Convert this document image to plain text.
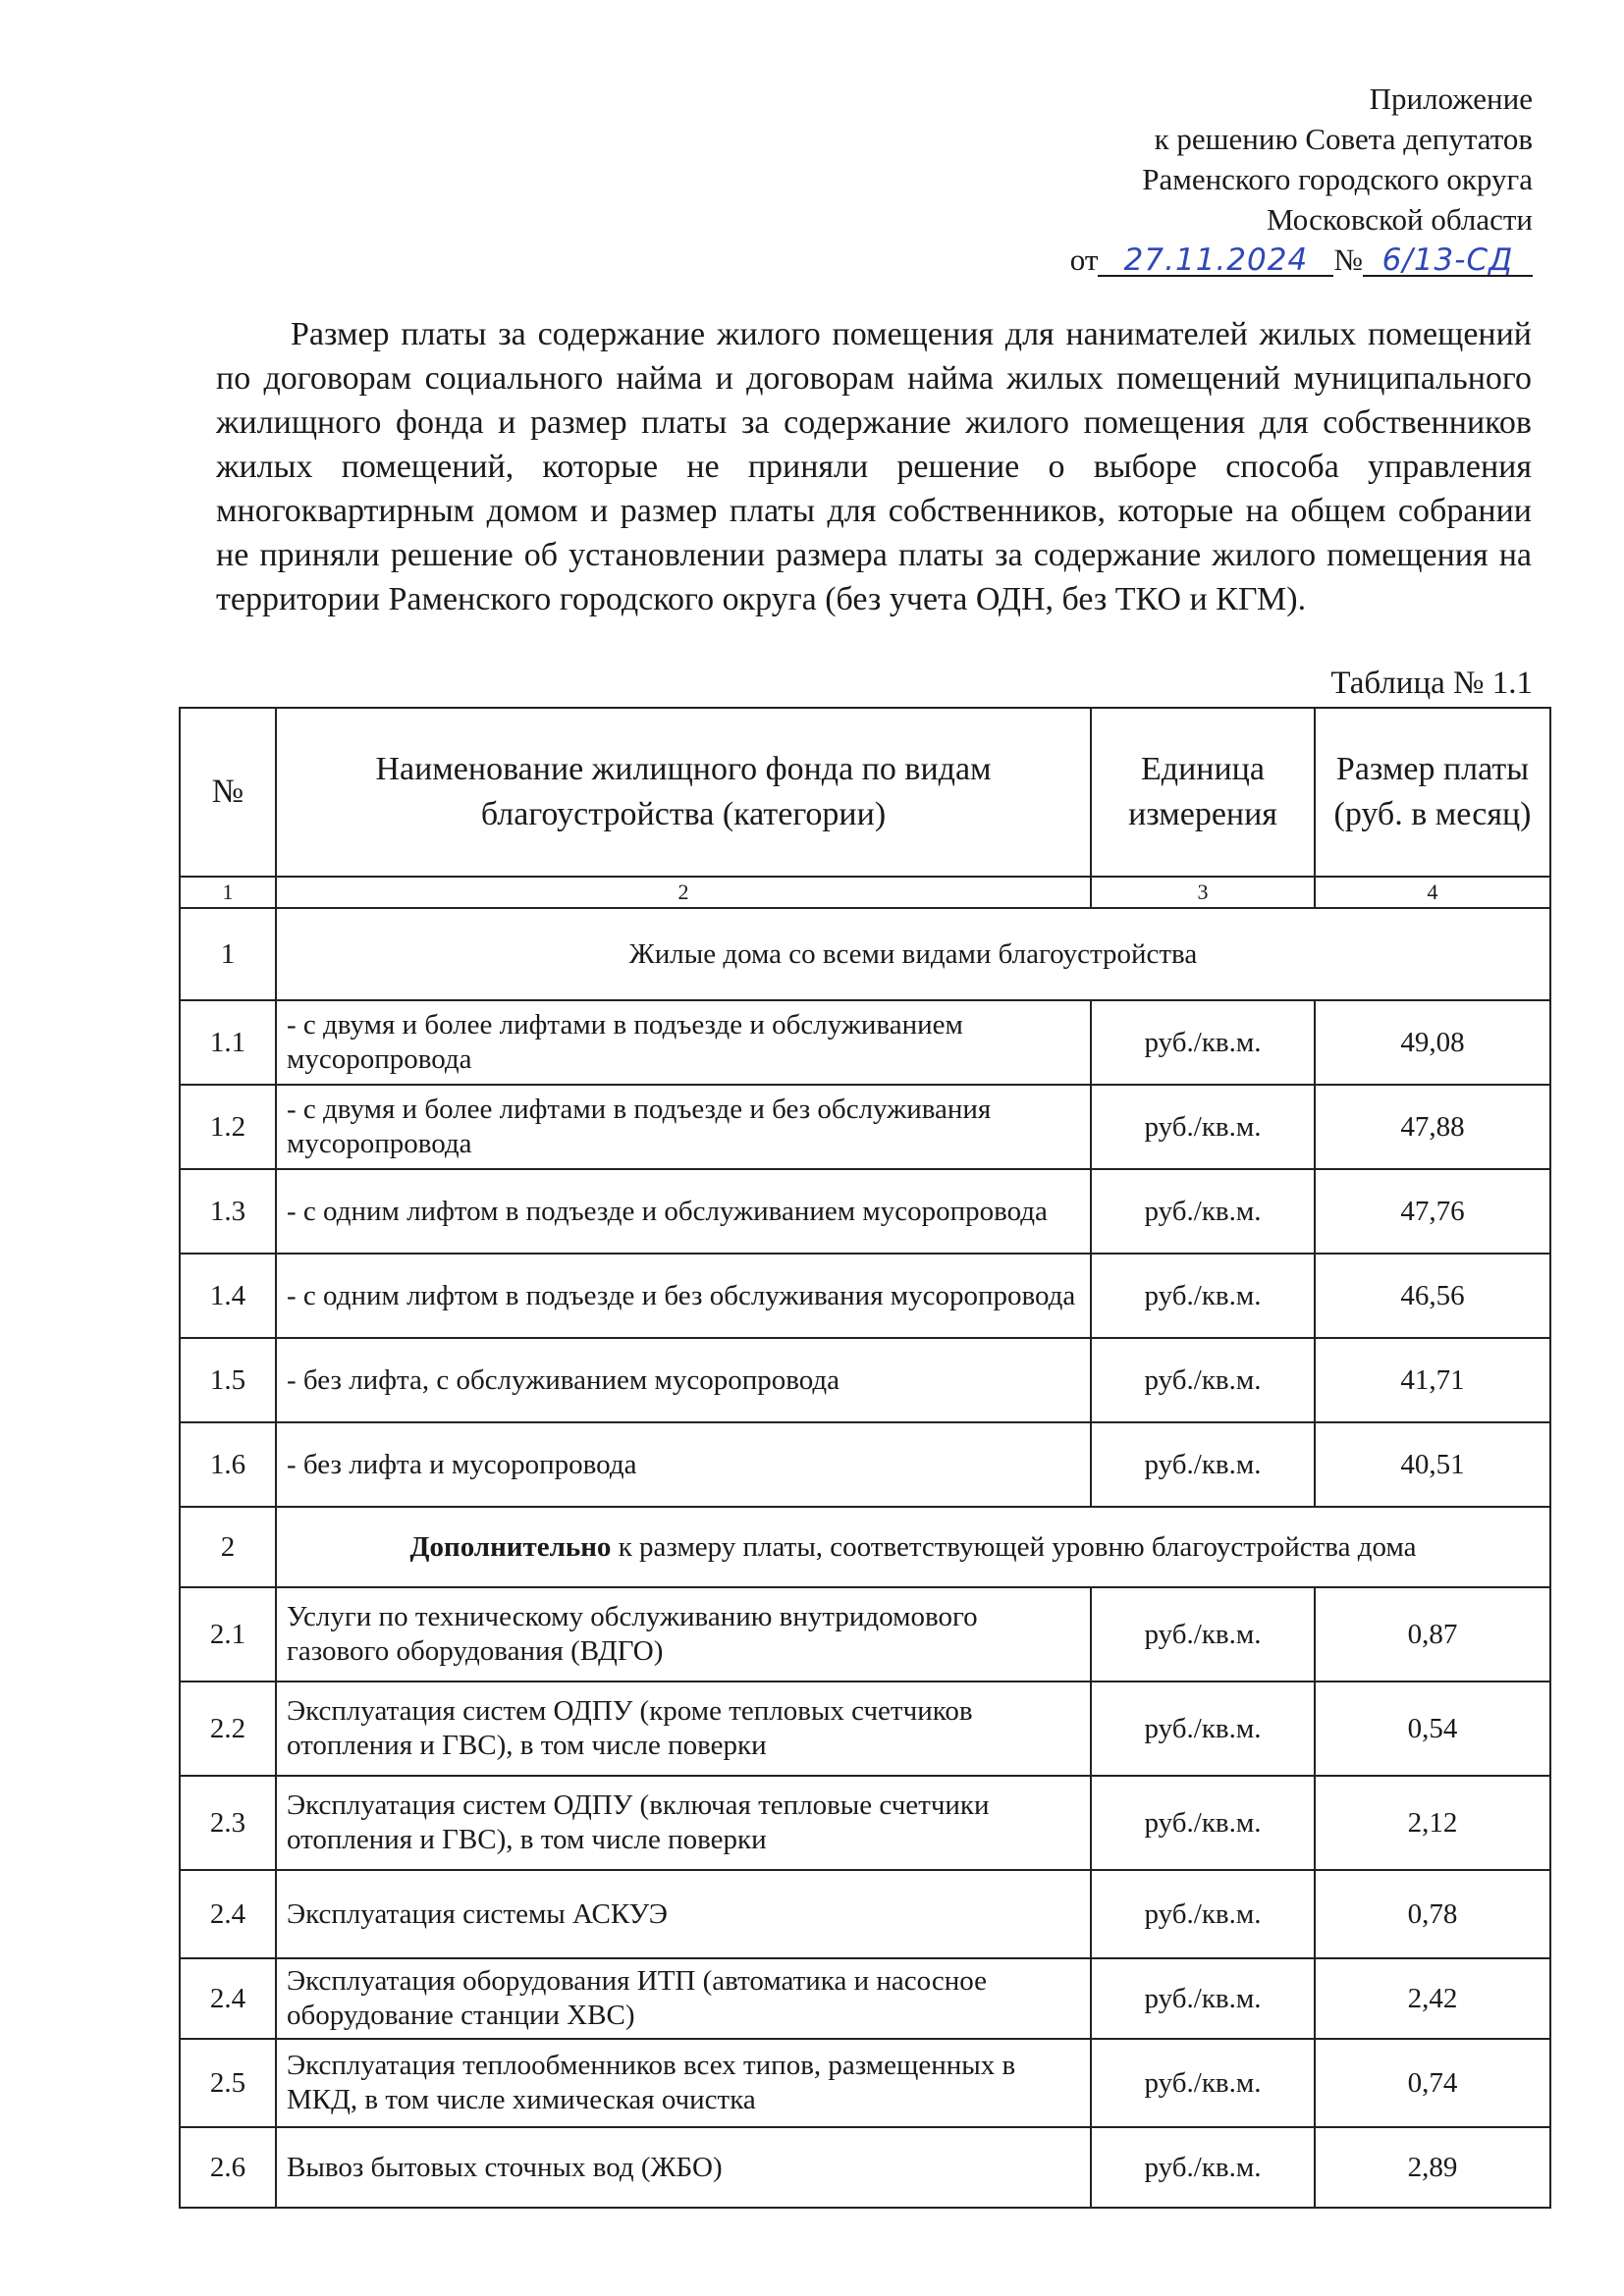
Приложение
к решению Совета депутатов
Раменского городского округа
Московской области
от 27.11.2024 № 6/13-СД

Размер платы за содержание жилого помещения для нанимателей жилых помещений по договорам социального найма и договорам найма жилых помещений муниципального жилищного фонда и размер платы за содержание жилого помещения для собственников жилых помещений, которые не приняли решение о выборе способа управления многоквартирным домом и размер платы для собственников, которые на общем собрании не приняли решение об установлении размера платы за содержание жилого помещения на территории Раменского городского округа (без учета ОДН, без ТКО и КГМ).

Таблица № 1.1
№	Наименование жилищного фонда по видам благоустройства (категории)	Единица измерения	Размер платы (руб. в месяц)
1	2	3	4
1	Жилые дома со всеми видами благоустройства		
1.1	- с двумя и более лифтами в подъезде и обслуживанием мусоропровода	руб./кв.м.	49,08
1.2	- с двумя и более лифтами в подъезде и без обслуживания мусоропровода	руб./кв.м.	47,88
1.3	- с одним лифтом в подъезде и обслуживанием мусоропровода	руб./кв.м.	47,76
1.4	- с одним лифтом в подъезде и без обслуживания мусоропровода	руб./кв.м.	46,56
1.5	- без лифта, с обслуживанием мусоропровода	руб./кв.м.	41,71
1.6	- без лифта и мусоропровода	руб./кв.м.	40,51
2	Дополнительно к размеру платы, соответствующей уровню благоустройства дома		
2.1	Услуги по техническому обслуживанию внутридомового газового оборудования (ВДГО)	руб./кв.м.	0,87
2.2	Эксплуатация систем ОДПУ (кроме тепловых счетчиков отопления и ГВС), в том числе поверки	руб./кв.м.	0,54
2.3	Эксплуатация систем ОДПУ (включая тепловые счетчики отопления и ГВС), в том числе поверки	руб./кв.м.	2,12
2.4	Эксплуатация системы АСКУЭ	руб./кв.м.	0,78
2.4	Эксплуатация оборудования ИТП (автоматика и насосное оборудование станции ХВС)	руб./кв.м.	2,42
2.5	Эксплуатация теплообменников всех типов, размещенных в МКД, в том числе химическая очистка	руб./кв.м.	0,74
2.6	Вывоз бытовых сточных вод (ЖБО)	руб./кв.м.	2,89
